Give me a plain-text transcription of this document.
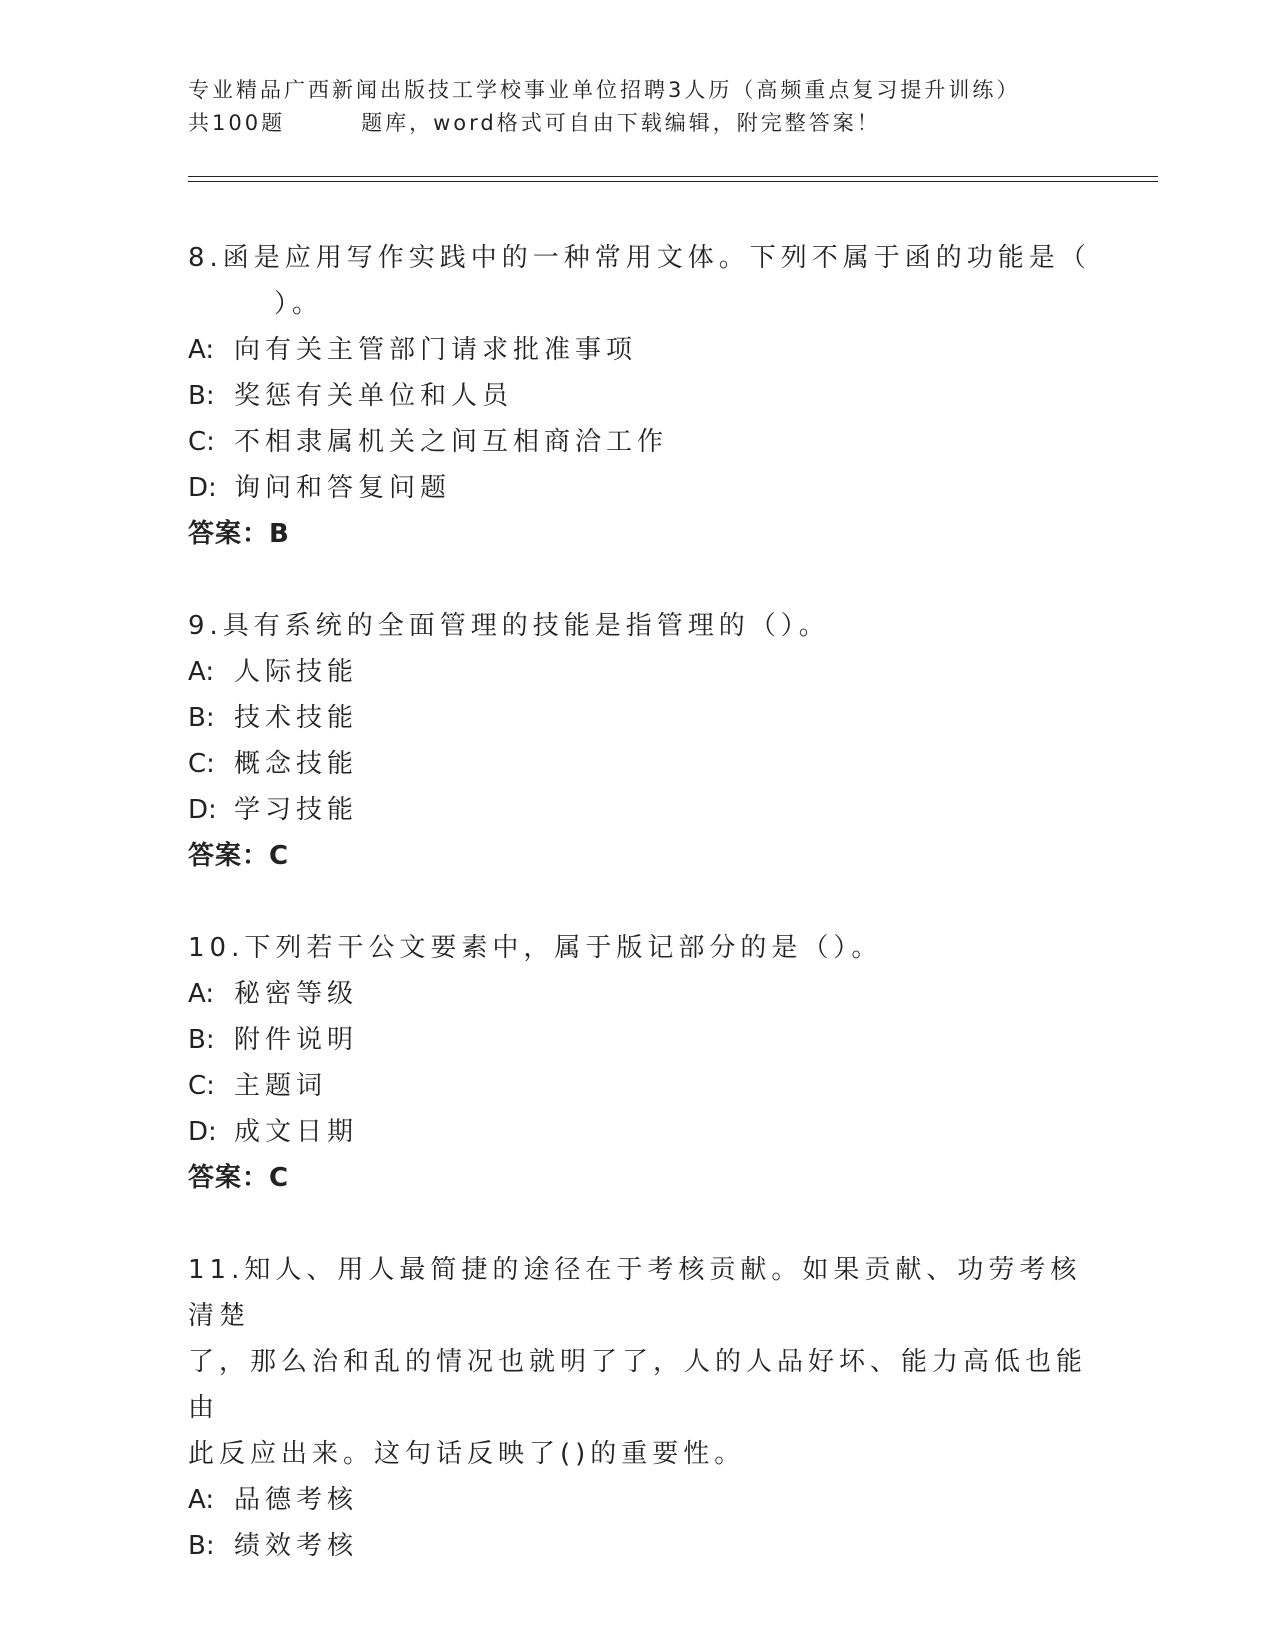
专业精品广西新闻出版技工学校事业单位招聘3人历（高频重点复习提升训练）
共100题	题库，word格式可自由下载编辑，附完整答案！
8.函是应用写作实践中的一种常用文体。下列不属于函的功能是（
）。
A: 向有关主管部门请求批准事项
B: 奖惩有关单位和人员
C: 不相隶属机关之间互相商洽工作
D: 询问和答复问题
答案：B
9.具有系统的全面管理的技能是指管理的（）。
A: 人际技能
B: 技术技能
C: 概念技能
D: 学习技能
答案：C
10.下列若干公文要素中，属于版记部分的是（）。
A: 秘密等级
B: 附件说明
C: 主题词
D: 成文日期
答案：C
11.知人、用人最简捷的途径在于考核贡献。如果贡献、功劳考核清楚
了，那么治和乱的情况也就明了了，人的人品好坏、能力高低也能由
此反应出来。这句话反映了()的重要性。
A: 品德考核
B: 绩效考核
